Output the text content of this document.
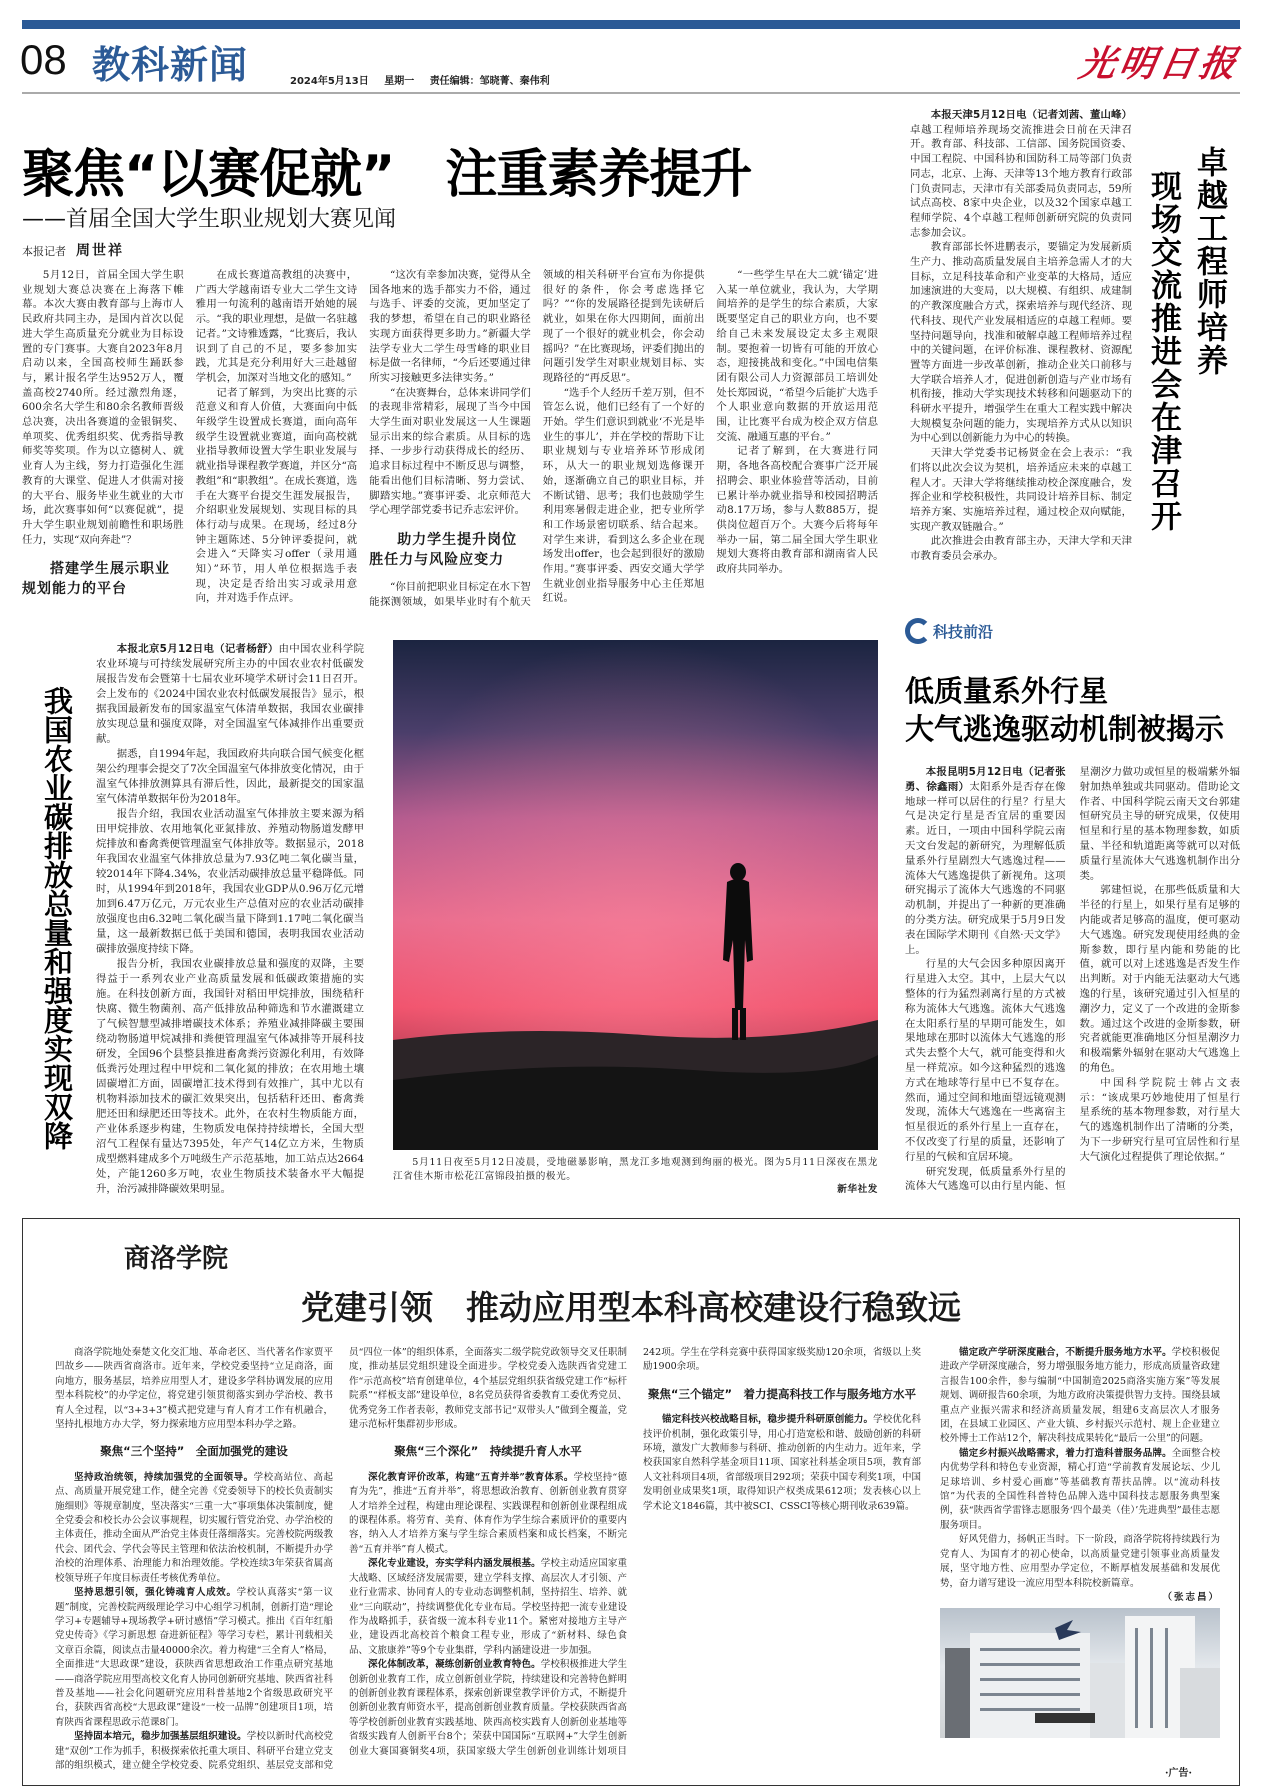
08 教科新闻	2024年5月13日 星期一 责任编辑：邹晓菁、秦伟利	光明日报
聚焦“以赛促就”　注重素养提升
——首届全国大学生职业规划大赛见闻
本报记者 周世祥

5月12日，首届全国大学生职业规划大赛总决赛在上海落下帷幕。本次大赛由教育部与上海市人民政府共同主办，是国内首次以促进大学生高质量充分就业为目标设置的专门赛事。大赛自2023年8月启动以来，全国高校师生踊跃参与，累计报名学生达952万人，覆盖高校2740所。经过激烈角逐，600余名大学生和80余名教师晋级总决赛，决出各赛道的金银铜奖、单项奖、优秀组织奖、优秀指导教师奖等奖项。作为以立德树人、就业育人为主线，努力打造强化生涯教育的大课堂、促进人才供需对接的大平台、服务毕业生就业的大市场，此次赛事如何“以赛促就”，提升大学生职业规划前瞻性和职场胜任力，实现“双向奔赴”？

搭建学生展示职业规划能力的平台

在成长赛道高教组的决赛中，广西大学越南语专业大二学生文诗雅用一句流利的越南语开始她的展示。“我的职业理想，是做一名驻越记者。”文诗雅透露，“比赛后，我认识到了自己的不足，要多参加实践，尤其是充分利用好大三赴越留学机会，加深对当地文化的感知。”

记者了解到，为突出比赛的示范意义和育人价值，大赛面向中低年级学生设置成长赛道，面向高年级学生设置就业赛道，面向高校就业指导教师设置大学生职业发展与就业指导课程教学赛道，并区分“高教组”和“职教组”。在成长赛道，选手在大赛平台提交生涯发展报告，介绍职业发展规划、实现目标的具体行动与成果。在现场，经过8分钟主题陈述、5分钟评委提问，就会进入“天降实习offer（录用通知）”环节，用人单位根据选手表现，决定是否给出实习或录用意向，并对选手作点评。

“这次有幸参加决赛，觉得从全国各地来的选手都实力不俗，通过与选手、评委的交流，更加坚定了我的梦想，希望在自己的职业路径实现方面获得更多助力。”新疆大学法学专业大二学生母雪峰的职业目标是做一名律师，“今后还要通过律所实习接触更多法律实务。”

“在决赛舞台，总体来讲同学们的表现非常精彩，展现了当今中国大学生面对职业发展这一人生课题显示出来的综合素质。从目标的选择、一步步行动获得成长的经历、追求目标过程中不断反思与调整，能看出他们目标清晰、努力尝试、脚踏实地。”赛事评委、北京师范大学心理学部党委书记乔志宏评价。

助力学生提升岗位胜任力与风险应变力

“你目前把职业目标定在水下智能探测领域，如果毕业时有个航天领域的相关科研平台宣布为你提供很好的条件，你会考虑选择它吗？”“你的发展路径提到先读研后就业，如果在你大四期间，面前出现了一个很好的就业机会，你会动摇吗？”在比赛现场，评委们抛出的问题引发学生对职业规划目标、实现路径的“再反思”。

“选手个人经历千差万别，但不管怎么说，他们已经有了一个好的开始。学生们意识到就业‘不光是毕业生的事儿’，并在学校的帮助下让职业规划与专业培养环节形成闭环，从大一的职业规划选修课开始，逐渐确立自己的职业目标，并不断试错、思考；我们也鼓励学生利用寒暑假走进企业，把专业所学和工作场景密切联系、结合起来。对学生来讲，看到这么多企业在现场发出offer，也会起到很好的激励作用。”赛事评委、西安交通大学学生就业创业指导服务中心主任郑旭红说。

“一些学生早在大二就‘锚定’进入某一单位就业，我认为，大学期间培养的是学生的综合素质，大家既要坚定自己的职业方向，也不要给自己未来发展设定太多主观限制。要抱着一切皆有可能的开放心态，迎接挑战和变化。”中国电信集团有限公司人力资源部员工培训处处长郑园说，“希望今后能扩大选手个人职业意向数据的开放运用范围，让比赛平台成为校企双方信息交流、融通互惠的平台。”

记者了解到，在大赛进行同期，各地各高校配合赛事广泛开展招聘会、职业体验营等活动，目前已累计举办就业指导和校园招聘活动8.17万场，参与人数885万，提供岗位超百万个。大赛今后将每年举办一届，第二届全国大学生职业规划大赛将由教育部和湖南省人民政府共同举办。

本报天津5月12日电（记者刘茜、董山峰）卓越工程师培养现场交流推进会日前在天津召开。教育部、科技部、工信部、国务院国资委、中国工程院、中国科协和国防科工局等部门负责同志，北京、上海、天津等13个地方教育行政部门负责同志，天津市有关部委局负责同志，59所试点高校、8家中央企业，以及32个国家卓越工程师学院、4个卓越工程师创新研究院的负责同志参加会议。

教育部部长怀进鹏表示，要锚定为发展新质生产力、推动高质量发展自主培养急需人才的大目标，立足科技革命和产业变革的大格局，适应加速演进的大变局，以大规模、有组织、成建制的产教深度融合方式，探索培养与现代经济、现代科技、现代产业发展相适应的卓越工程师。要坚持问题导向，找准和破解卓越工程师培养过程中的关键问题，在评价标准、课程教材、资源配置等方面进一步改革创新，推动企业关口前移与大学联合培养人才，促进创新创造与产业市场有机衔接，推动大学实现技术转移和问题驱动下的科研水平提升，增强学生在重大工程实践中解决大规模复杂问题的能力，实现培养方式从以知识为中心到以创新能力为中心的转换。

天津大学党委书记杨贤金在会上表示：“我们将以此次会议为契机，培养适应未来的卓越工程人才。天津大学将继续推动校企深度融合，发挥企业和学校积极性，共同设计培养目标、制定培养方案、实施培养过程，通过校企双向赋能，实现产教双链融合。”

此次推进会由教育部主办，天津大学和天津市教育委员会承办。

卓越工程师培养
现场交流推进会在津召开
我国农业碳排放总量和强度实现双降

本报北京5月12日电（记者杨舒）由中国农业科学院农业环境与可持续发展研究所主办的中国农业农村低碳发展报告发布会暨第十七届农业环境学术研讨会11日召开。会上发布的《2024中国农业农村低碳发展报告》显示，根据我国最新发布的国家温室气体清单数据，我国农业碳排放实现总量和强度双降，对全国温室气体减排作出重要贡献。

据悉，自1994年起，我国政府共向联合国气候变化框架公约理事会提交了7次全国温室气体排放变化情况，由于温室气体排放测算具有滞后性，因此，最新提交的国家温室气体清单数据年份为2018年。

报告介绍，我国农业活动温室气体排放主要来源为稻田甲烷排放、农用地氧化亚氮排放、养殖动物肠道发酵甲烷排放和畜禽粪便管理温室气体排放等。数据显示，2018年我国农业温室气体排放总量为7.93亿吨二氧化碳当量，较2014年下降4.34%，农业活动碳排放总量平稳降低。同时，从1994年到2018年，我国农业GDP从0.96万亿元增加到6.47万亿元，万元农业生产总值对应的农业活动碳排放强度也由6.32吨二氧化碳当量下降到1.17吨二氧化碳当量，这一最新数据已低于美国和德国，表明我国农业活动碳排放强度持续下降。

报告分析，我国农业碳排放总量和强度的双降，主要得益于一系列农业产业高质量发展和低碳政策措施的实施。在科技创新方面，我国针对稻田甲烷排放，围绕秸秆快腐、微生物菌剂、高产低排放品种筛选和节水灌溉建立了气候智慧型减排增碳技术体系；养殖业减排降碳主要围绕动物肠道甲烷减排和粪便管理温室气体减排等开展科技研发，全国96个县整县推进畜禽粪污资源化利用，有效降低粪污处理过程中甲烷和二氧化氮的排放；在农用地土壤固碳增汇方面，固碳增汇技术得到有效推广，其中尤以有机物料添加技术的碳汇效果突出，包括秸秆还田、畜禽粪肥还田和绿肥还田等技术。此外，在农村生物质能方面，产业体系逐步构建，生物质发电保持持续增长，全国大型沼气工程保有量达7395处，年产气14亿立方米，生物质成型燃料建成多个万吨级生产示范基地，加工站点达2664处，产能1260多万吨，农业生物质技术装备水平大幅提升，治污减排降碳效果明显。

5月11日夜至5月12日凌晨，受地磁暴影响，黑龙江多地观测到绚丽的极光。图为5月11日深夜在黑龙江省佳木斯市松花江富锦段拍摄的极光。

新华社发
科技前沿
低质量系外行星
大气逃逸驱动机制被揭示

本报昆明5月12日电（记者张勇、徐鑫雨）太阳系外是否存在像地球一样可以居住的行星？行星大气是决定行星是否宜居的重要因素。近日，一项由中国科学院云南天文台发起的新研究，为理解低质量系外行星剧烈大气逃逸过程——流体大气逃逸提供了新视角。这项研究揭示了流体大气逃逸的不同驱动机制，并提出了一种新的更准确的分类方法。研究成果于5月9日发表在国际学术期刊《自然·天文学》上。

行星的大气会因多种原因离开行星进入太空。其中，上层大气以整体的行为猛烈剥离行星的方式被称为流体大气逃逸。流体大气逃逸在太阳系行星的早期可能发生，如果地球在那时以流体大气逃逸的形式失去整个大气，就可能变得和火星一样荒凉。如今这种猛烈的逃逸方式在地球等行星中已不复存在。然而，通过空间和地面望远镜观测发现，流体大气逃逸在一些离宿主恒星很近的系外行星上一直存在，不仅改变了行星的质量，还影响了行星的气候和宜居环境。

研究发现，低质量系外行星的流体大气逃逸可以由行星内能、恒星潮汐力做功或恒星的极端紫外辐射加热单独或共同驱动。借助论文作者、中国科学院云南天文台郭建恒研究员主导的研究成果，仅使用恒星和行星的基本物理参数，如质量、半径和轨道距离等就可以对低质量行星流体大气逃逸机制作出分类。

郭建恒说，在那些低质量和大半径的行星上，如果行星有足够的内能或者足够高的温度，便可驱动大气逃逸。研究发现使用经典的金斯参数，即行星内能和势能的比值，就可以对上述逃逸是否发生作出判断。对于内能无法驱动大气逃逸的行星，该研究通过引入恒星的潮汐力，定义了一个改进的金斯参数。通过这个改进的金斯参数，研究者就能更准确地区分恒星潮汐力和极端紫外辐射在驱动大气逃逸上的角色。

中国科学院院士韩占文表示：“该成果巧妙地使用了恒星行星系统的基本物理参数，对行星大气的逃逸机制作出了清晰的分类，为下一步研究行星可宜居性和行星大气演化过程提供了理论依据。”

商洛学院
党建引领　推动应用型本科高校建设行稳致远

商洛学院地处秦楚文化交汇地、革命老区、当代著名作家贾平凹故乡——陕西省商洛市。近年来，学校党委坚持“立足商洛，面向地方，服务基层，培养应用型人才，建设多学科协调发展的应用型本科院校”的办学定位，将党建引领贯彻落实到办学治校、教书育人全过程，以“3+3+3”模式把党建与育人育才工作有机融合，坚持扎根地方办大学，努力探索地方应用型本科办学之路。

聚焦“三个坚持”　全面加强党的建设

坚持政治统领，持续加强党的全面领导。学校高站位、高起点、高质量开展党建工作，健全完善《党委领导下的校长负责制实施细则》等规章制度，坚决落实“三重一大”事项集体决策制度，健全党委会和校长办公会议事规程，切实履行管党治党、办学治校的主体责任，推动全面从严治党主体责任落细落实。完善校院两级教代会、团代会、学代会等民主管理和依法治校机制，不断提升办学治校的治理体系、治理能力和治理效能。学校连续3年荣获省属高校领导班子年度目标责任考核优秀单位。

坚持思想引领，强化铸魂育人成效。学校认真落实“第一议题”制度，完善校院两级理论学习中心组学习机制，创新打造“理论学习+专题辅导+现场教学+研讨感悟”学习模式。推出《百年红船 党史传奇》《学习新思想 奋进新征程》等学习专栏，累计刊载相关文章百余篇，阅读点击量40000余次。着力构建“三全育人”格局，全面推进“大思政课”建设，获陕西省思想政治工作重点研究基地——商洛学院应用型高校文化育人协同创新研究基地、陕西省社科普及基地——社会化问题研究应用科普基地2个省级思政研究平台，获陕西省高校“大思政课”建设“一校一品牌”创建项目1项，培育陕西省课程思政示范课8门。

坚持固本培元，稳步加强基层组织建设。学校以新时代高校党建“双创”工作为抓手，积极探索依托重大项目、科研平台建立党支部的组织模式，建立健全学校党委、院系党组织、基层党支部和党员“四位一体”的组织体系，全面落实二级学院党政领导交叉任职制度，推动基层党组织建设全面进步。学校党委入选陕西省党建工作“示范高校”培育创建单位，4个基层党组织获省级党建工作“标杆院系”“样板支部”建设单位，8名党员获得省委教育工委优秀党员、优秀党务工作者表彰，教师党支部书记“双带头人”做到全覆盖，党建示范标杆集群初步形成。

聚焦“三个深化”　持续提升育人水平

深化教育评价改革，构建“五育并举”教育体系。学校坚持“德育为先”，推进“五育并举”，将思想政治教育、创新创业教育贯穿人才培养全过程，构建由理论课程、实践课程和创新创业课程组成的课程体系。将劳育、美育、体育作为学生综合素质评价的重要内容，纳入人才培养方案与学生综合素质档案和成长档案，不断完善“五育并举”育人模式。

深化专业建设，夯实学科内涵发展根基。学校主动适应国家重大战略、区域经济发展需要，建立学科支撑、高层次人才引领、产业行业需求、协同育人的专业动态调整机制，坚持招生、培养、就业“三向联动”，持续调整优化专业布局。学校坚持把一流专业建设作为战略抓手，获省级一流本科专业11个。紧密对接地方主导产业，建设西北高校首个粮食工程专业，形成了“新材料、绿色食品、文旅康养”等9个专业集群，学科内涵建设进一步加强。

深化体制改革，凝练创新创业教育特色。学校积极推进大学生创新创业教育工作，成立创新创业学院，持续建设和完善特色鲜明的创新创业教育课程体系，探索创新课堂教学评价方式，不断提升创新创业教育师资水平，提高创新创业教育质量。学校获陕西省高等学校创新创业教育实践基地、陕西高校实践育人创新创业基地等省级实践育人创新平台8个；荣获中国国际“互联网+”大学生创新创业大赛国赛铜奖4项，获国家级大学生创新创业训练计划项目242项。学生在学科竞赛中获得国家级奖励120余项，省级以上奖励1900余项。

聚焦“三个锚定”　着力提高科技工作与服务地方水平

锚定科技兴校战略目标，稳步提升科研原创能力。学校优化科技评价机制，强化政策引导，用心打造宽松和谐、鼓励创新的科研环境，激发广大教师参与科研、推动创新的内生动力。近年来，学校获国家自然科学基金项目11项、国家社科基金项目5项，教育部人文社科项目4项，省部级项目292项；荣获中国专利奖1项，中国发明创业成果奖1项，取得知识产权类成果612项；发表核心以上学术论文1846篇，其中被SCI、CSSCI等核心期刊收录639篇。

锚定政产学研深度融合，不断提升服务地方水平。学校积极促进政产学研深度融合，努力增强服务地方能力，形成高质量咨政建言报告100余件，参与编制“中国制造2025商洛实施方案”等发展规划、调研报告60余项，为地方政府决策提供智力支持。围绕县域重点产业振兴需求和经济高质量发展，组建6支高层次人才服务团，在县域工业园区、产业大镇、乡村振兴示范村、规上企业建立校外博士工作站12个，解决科技成果转化“最后一公里”的问题。

锚定乡村振兴战略需求，着力打造科普服务品牌。全面整合校内优势学科和特色专业资源，精心打造“学前教育发展论坛、少儿足球培训、乡村爱心画廊”等基础教育帮扶品牌。以“流动科技馆”为代表的全国性科普特色品牌入选中国科技志愿服务典型案例，获“陕西省学雷锋志愿服务‘四个最美（佳）’先进典型”最佳志愿服务项目。

好风凭借力，扬帆正当时。下一阶段，商洛学院将持续践行为党育人、为国育才的初心使命，以高质量党建引领事业高质量发展，坚守地方性、应用型办学定位，不断厚植发展基础和发展优势，奋力谱写建设一流应用型本科院校新篇章。

（张志昌）
·广告·
